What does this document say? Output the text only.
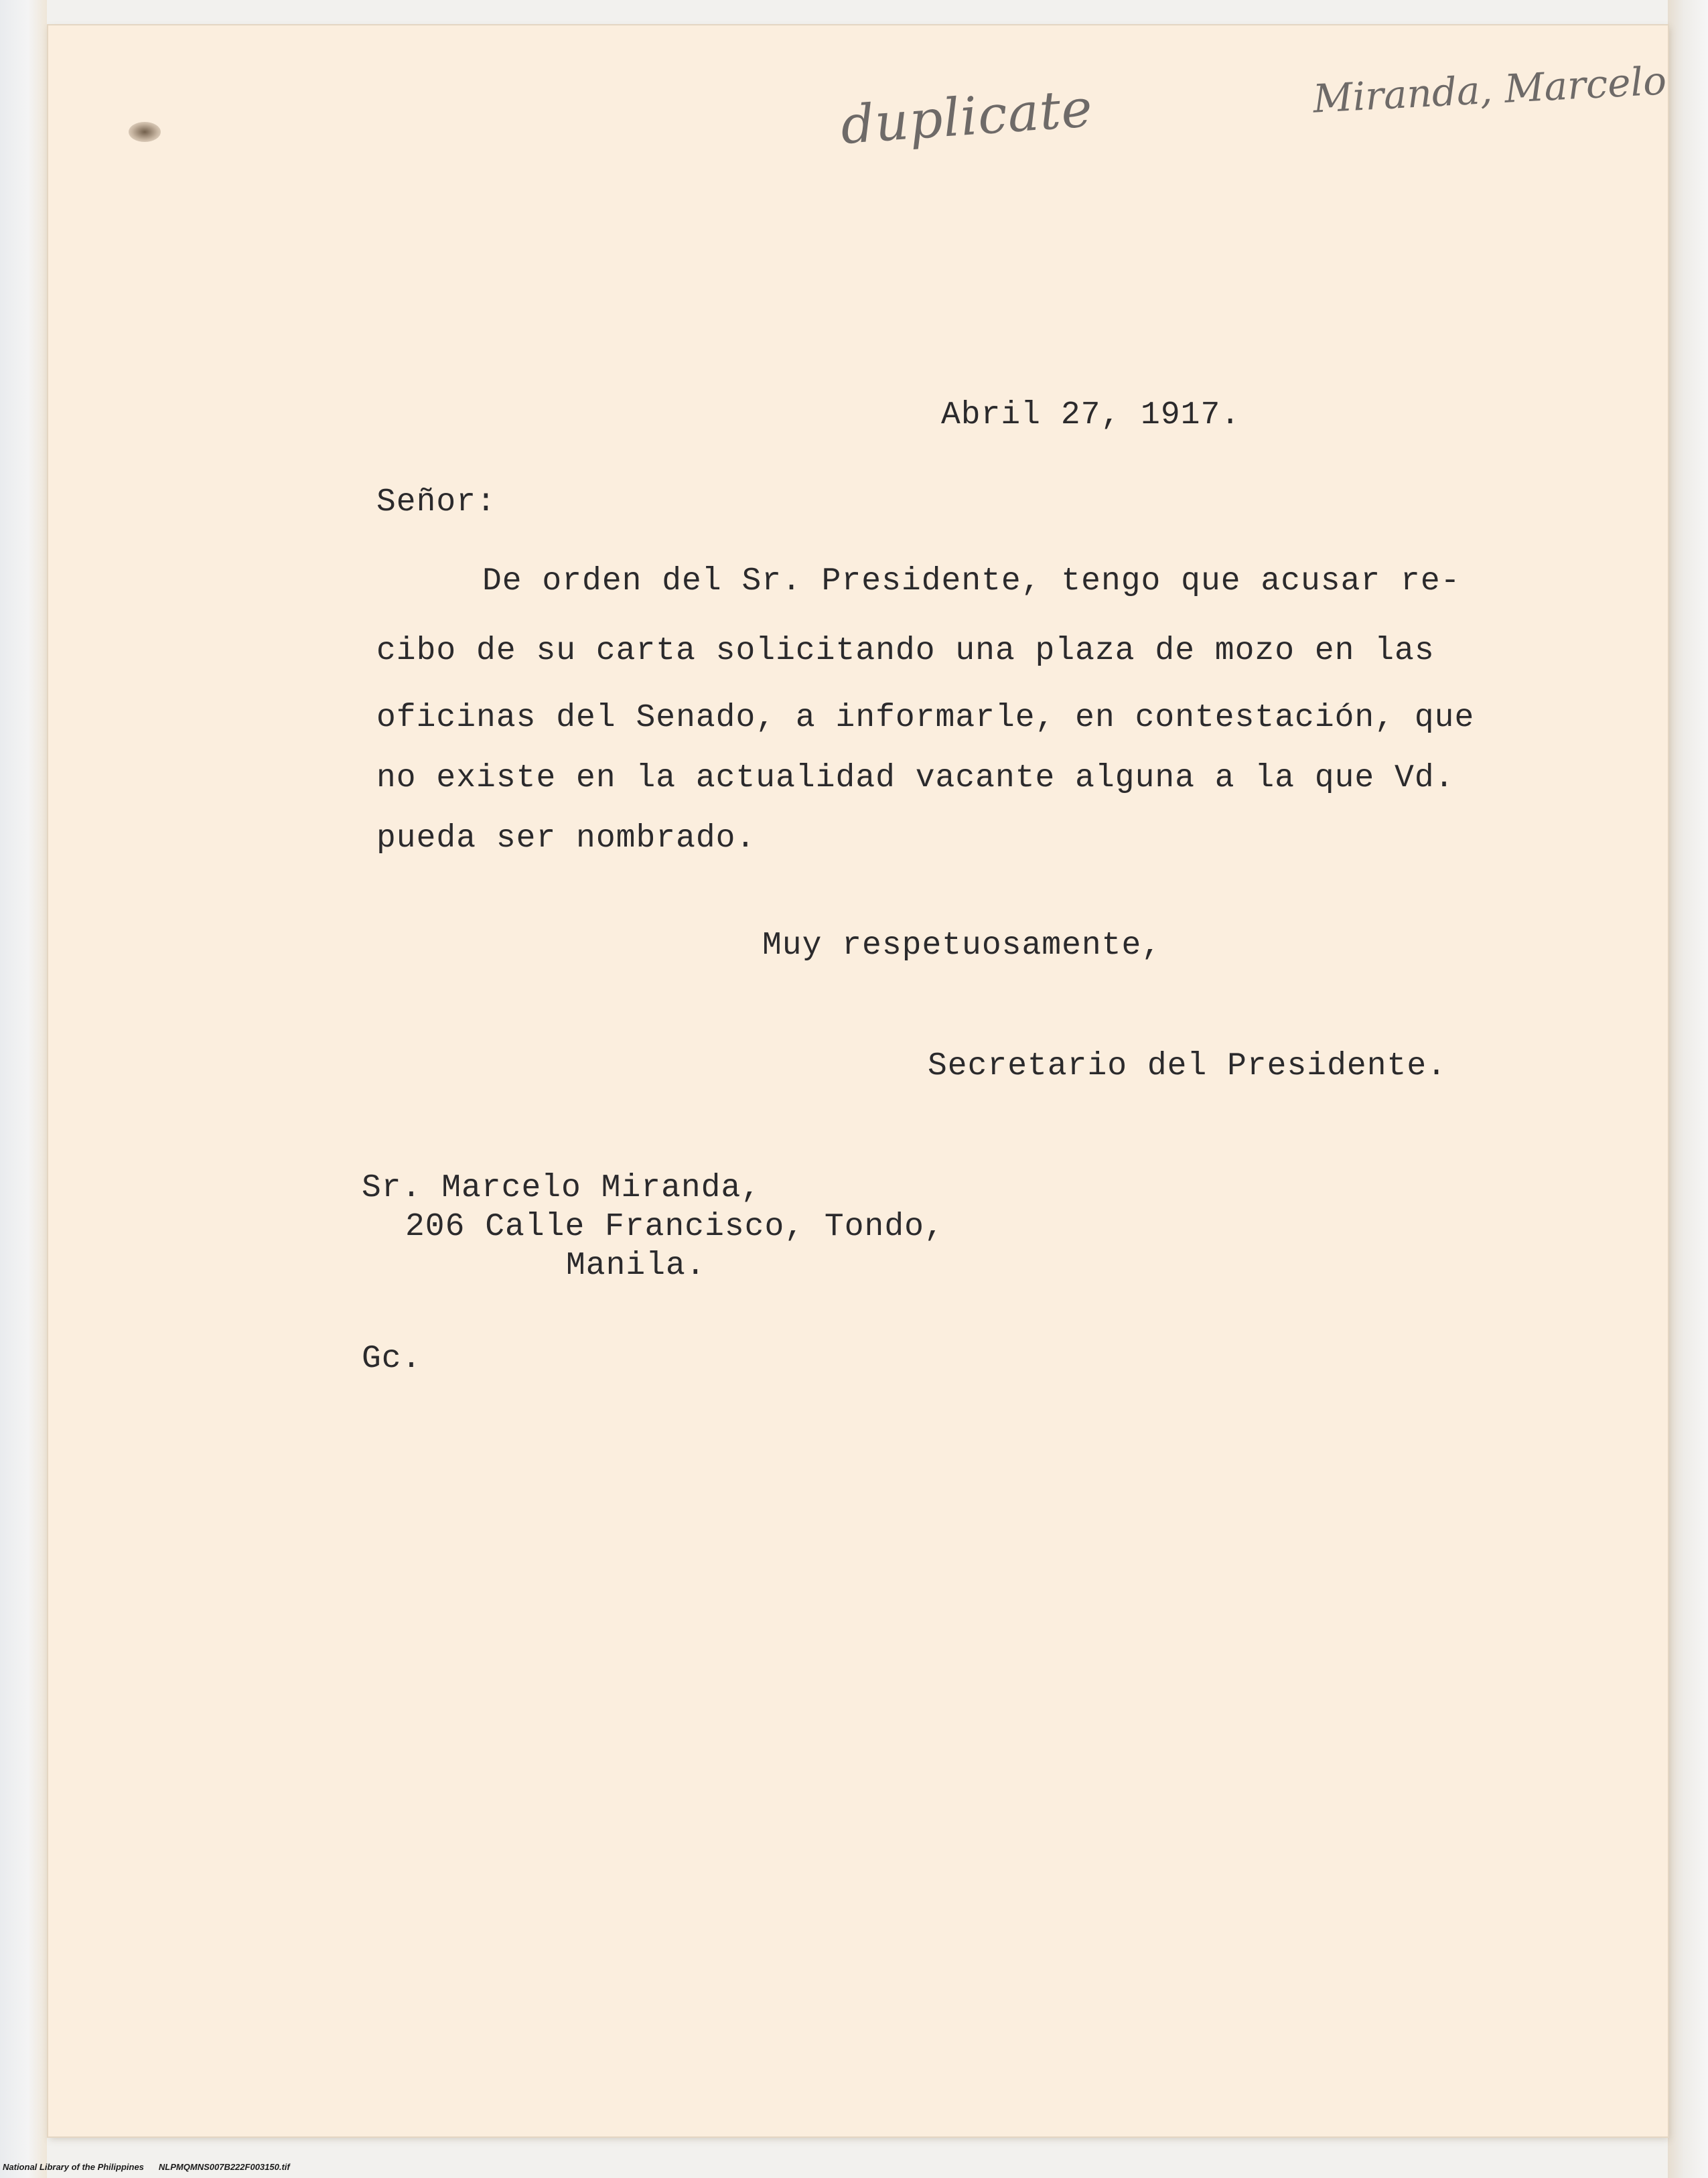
duplicate	Miranda, Marcelo
Abril 27, 1917.
Señor:
De orden del Sr. Presidente, tengo que acusar re-
cibo de su carta solicitando una plaza de mozo en las
oficinas del Senado, a informarle, en contestación, que
no existe en la actualidad vacante alguna a la que Vd.
pueda ser nombrado.
Muy respetuosamente,
Secretario del Presidente.
Sr. Marcelo Miranda,
206 Calle Francisco, Tondo,
Manila.
Gc.
National Library of the Philippines NLPMQMNS007B222F003150.tif
